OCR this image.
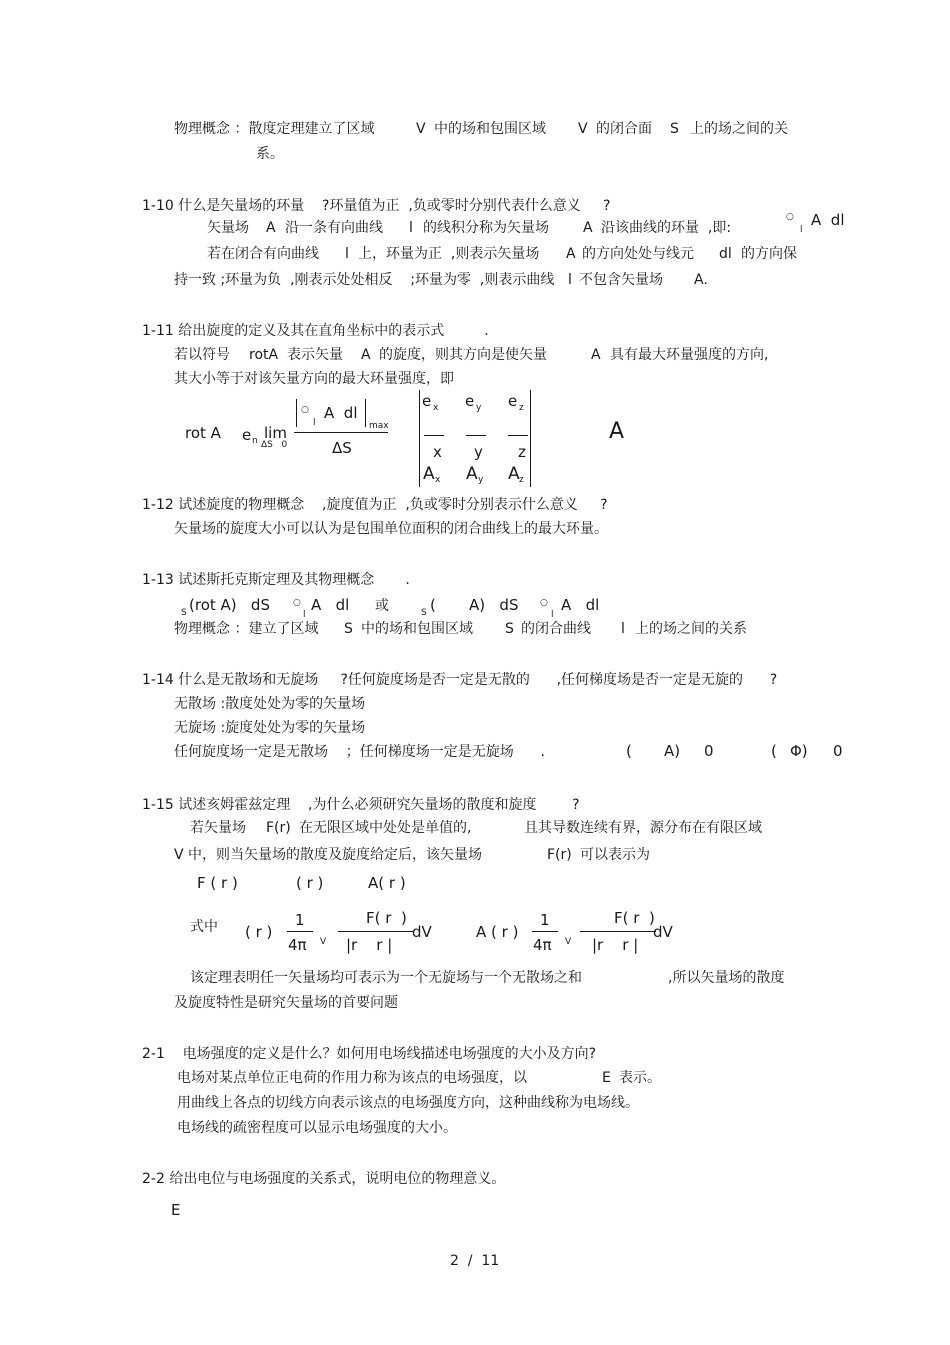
物理概念 ：散度定理建立了区域	V 中的场和包围区域 V 的闭合面 S 上的场之间的关
系。
1-10 什么是矢量场的环量    ?环量值为正  ,负或零时分别代表什么意义     ?
矢量场 A 沿一条有向曲线 l 的线积分称为矢量场 A 沿该曲线的环量  ,即:
○
l
A  dl
若在闭合有向曲线 l 上，环量为正  ,则表示矢量场 A 的方向处处与线元 dl 的方向保
持一致 ;环量为负  ,刚表示处处相反    ;环量为零  ,则表示曲线 l 不包含矢量场 A.
1-11 给出旋度的定义及其在直角坐标中的表示式         .
若以符号 rotA 表示矢量 A 的旋度，则其方向是使矢量	A 具有最大环量强度的方向,
其大小等于对该矢量方向的最大环量强度，即
rot A e n lim
ΔS   0
○
l
A  dl
max
ΔS
e x e y e z
x y z
A x A y A z
A
1-12 试述旋度的物理概念    ,旋度值为正  ,负或零时分别表示什么意义     ?
矢量场的旋度大小可以认为是包围单位面积的闭合曲线上的最大环量。
1-13 试述斯托克斯定理及其物理概念       .
S (rot A)   dS	○
l
A   dl 或	S ( A)   dS ○
l
A   dl
物理概念 ：建立了区域 S 中的场和包围区域 S 的闭合曲线 l 上的场之间的关系
1-14 什么是无散场和无旋场     ?任何旋度场是否一定是无散的      ,任何梯度场是否一定是无旋的      ?
无散场 :散度处处为零的矢量场
无旋场 :旋度处处为零的矢量场
任何旋度场一定是无散场    ；任何梯度场一定是无旋场      .	( A) 0	( Φ) 0
1-15 试述亥姆霍兹定理    ,为什么必须研究矢量场的散度和旋度        ?
若矢量场 F(r) 在无限区域中处处是单值的,	且其导数连续有界，源分布在有限区域
V 中，则当矢量场的散度及旋度给定后，该矢量场	F(r) 可以表示为
F ( r )	( r )	A( r )
式中 ( r )
1
4π V
F( r  )
|r    r |
dV	A ( r )
1
4π V
F( r  )
|r    r |
dV
该定理表明任一矢量场均可表示为一个无旋场与一个无散场之和	,所以矢量场的散度
及旋度特性是研究矢量场的首要问题
2-1    电场强度的定义是什么？如何用电场线描述电场强度的大小及方向?
电场对某点单位正电荷的作用力称为该点的电场强度，以	E 表示。
用曲线上各点的切线方向表示该点的电场强度方向，这种曲线称为电场线。
电场线的疏密程度可以显示电场强度的大小。
2-2 给出电位与电场强度的关系式，说明电位的物理意义。
E
2  /  11
